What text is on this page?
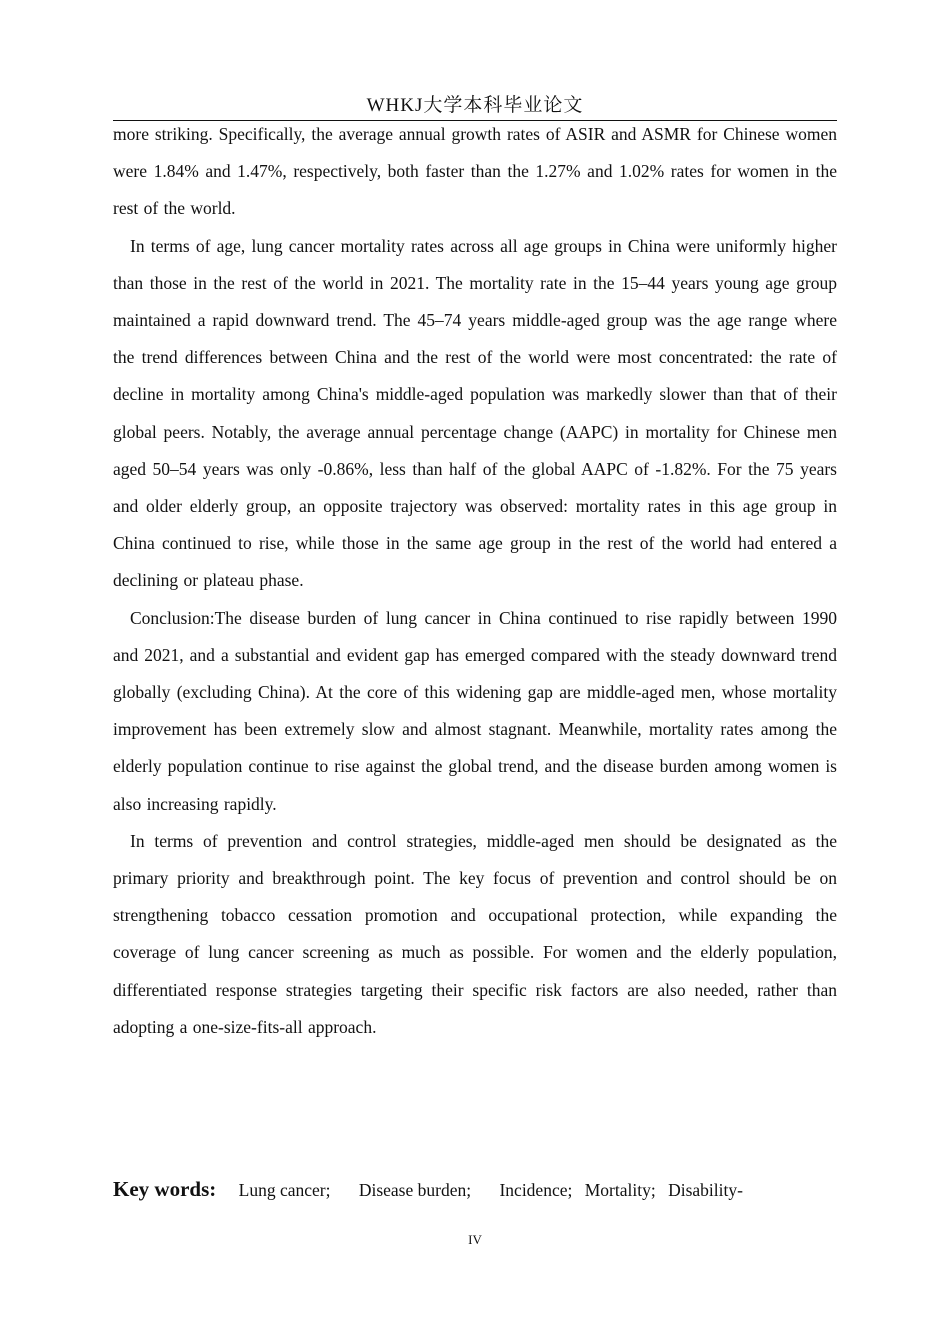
WHKJ大学本科毕业论文

more striking. Specifically, the average annual growth rates of ASIR and ASMR for Chinese women were 1.84% and 1.47%, respectively, both faster than the 1.27% and 1.02% rates for women in the rest of the world.

In terms of age, lung cancer mortality rates across all age groups in China were uniformly higher than those in the rest of the world in 2021. The mortality rate in the 15–44 years young age group maintained a rapid downward trend. The 45–74 years middle-aged group was the age range where the trend differences between China and the rest of the world were most concentrated: the rate of decline in mortality among China's middle-aged population was markedly slower than that of their global peers. Notably, the average annual percentage change (AAPC) in mortality for Chinese men aged 50–54 years was only -0.86%, less than half of the global AAPC of -1.82%. For the 75 years and older elderly group, an opposite trajectory was observed: mortality rates in this age group in China continued to rise, while those in the same age group in the rest of the world had entered a declining or plateau phase.

Conclusion:The disease burden of lung cancer in China continued to rise rapidly between 1990 and 2021, and a substantial and evident gap has emerged compared with the steady downward trend globally (excluding China). At the core of this widening gap are middle-aged men, whose mortality improvement has been extremely slow and almost stagnant. Meanwhile, mortality rates among the elderly population continue to rise against the global trend, and the disease burden among women is also increasing rapidly.

In terms of prevention and control strategies, middle-aged men should be designated as the primary priority and breakthrough point. The key focus of prevention and control should be on strengthening tobacco cessation promotion and occupational protection, while expanding the coverage of lung cancer screening as much as possible. For women and the elderly population, differentiated response strategies targeting their specific risk factors are also needed, rather than adopting a one-size-fits-all approach.

Key words: Lung cancer; Disease burden; Incidence; Mortality; Disability-
IV
